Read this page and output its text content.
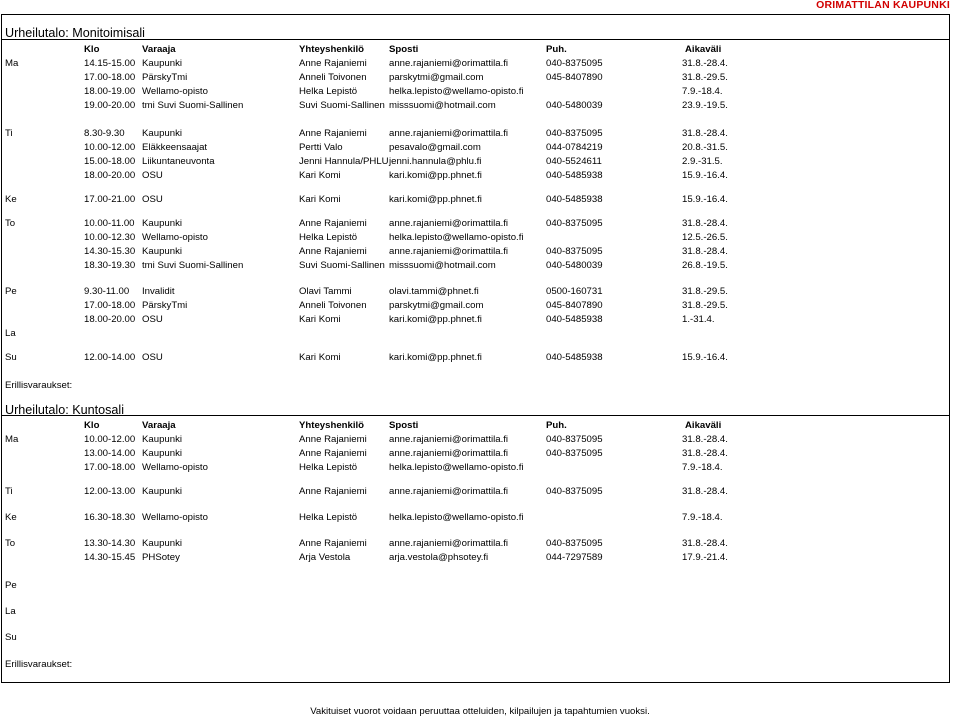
ORIMATTILAN KAUPUNKI
Urheilutalo: Monitoimisali
Klo	Varaaja	Yhteyshenkilö	Sposti	Puh.	Aikaväli
Ma	14.15-15.00 Kaupunki	Anne Rajaniemi anne.rajaniemi@orimattila.fi	040-8375095	31.8.-28.4.
17.00-18.00 PärskyTmi	Anneli Toivonen parskytmi@gmail.com	045-8407890	31.8.-29.5.
18.00-19.00 Wellamo-opisto	Helka Lepistö	helka.lepisto@wellamo-opisto.fi	7.9.-18.4.
19.00-20.00 tmi Suvi Suomi-Sallinen	Suvi Suomi-Sallinen misssuomi@hotmail.com	040-5480039	23.9.-19.5.
Ti	8.30-9.30 Kaupunki	Anne Rajaniemi anne.rajaniemi@orimattila.fi	040-8375095	31.8.-28.4.
10.00-12.00 Eläkkeensaajat	Pertti Valo	pesavalo@gmail.com	044-0784219	20.8.-31.5.
15.00-18.00 Liikuntaneuvonta	Jenni Hannula/PHLU jenni.hannula@phlu.fi	040-5524611	2.9.-31.5.
18.00-20.00 OSU	Kari Komi	kari.komi@pp.phnet.fi	040-5485938	15.9.-16.4.
Ke	17.00-21.00 OSU	Kari Komi	kari.komi@pp.phnet.fi	040-5485938	15.9.-16.4.
To	10.00-11.00 Kaupunki	Anne Rajaniemi anne.rajaniemi@orimattila.fi	040-8375095	31.8.-28.4.
10.00-12.30 Wellamo-opisto	Helka Lepistö	helka.lepisto@wellamo-opisto.fi	12.5.-26.5.
14.30-15.30 Kaupunki	Anne Rajaniemi anne.rajaniemi@orimattila.fi	040-8375095	31.8.-28.4.
18.30-19.30 tmi Suvi Suomi-Sallinen	Suvi Suomi-Sallinen misssuomi@hotmail.com	040-5480039	26.8.-19.5.
Pe	9.30-11.00 Invalidit	Olavi Tammi	olavi.tammi@phnet.fi	0500-160731	31.8.-29.5.
17.00-18.00 PärskyTmi	Anneli Toivonen parskytmi@gmail.com	045-8407890	31.8.-29.5.
18.00-20.00 OSU	Kari Komi	kari.komi@pp.phnet.fi	040-5485938	1.-31.4.
La
Su	12.00-14.00 OSU	Kari Komi	kari.komi@pp.phnet.fi	040-5485938	15.9.-16.4.
Erillisvaraukset:
Urheilutalo: Kuntosali
Klo	Varaaja	Yhteyshenkilö	Sposti	Puh.	Aikaväli
Ma	10.00-12.00 Kaupunki	Anne Rajaniemi anne.rajaniemi@orimattila.fi	040-8375095	31.8.-28.4.
13.00-14.00 Kaupunki	Anne Rajaniemi anne.rajaniemi@orimattila.fi	040-8375095	31.8.-28.4.
17.00-18.00 Wellamo-opisto	Helka Lepistö	helka.lepisto@wellamo-opisto.fi	7.9.-18.4.
Ti	12.00-13.00 Kaupunki	Anne Rajaniemi anne.rajaniemi@orimattila.fi	040-8375095	31.8.-28.4.
Ke	16.30-18.30 Wellamo-opisto	Helka Lepistö	helka.lepisto@wellamo-opisto.fi	7.9.-18.4.
To	13.30-14.30 Kaupunki	Anne Rajaniemi anne.rajaniemi@orimattila.fi	040-8375095	31.8.-28.4.
14.30-15.45 PHSotey	Arja Vestola	arja.vestola@phsotey.fi	044-7297589	17.9.-21.4.
Pe
La
Su
Erillisvaraukset:
Vakituiset vuorot voidaan peruuttaa otteluiden, kilpailujen ja tapahtumien vuoksi.
